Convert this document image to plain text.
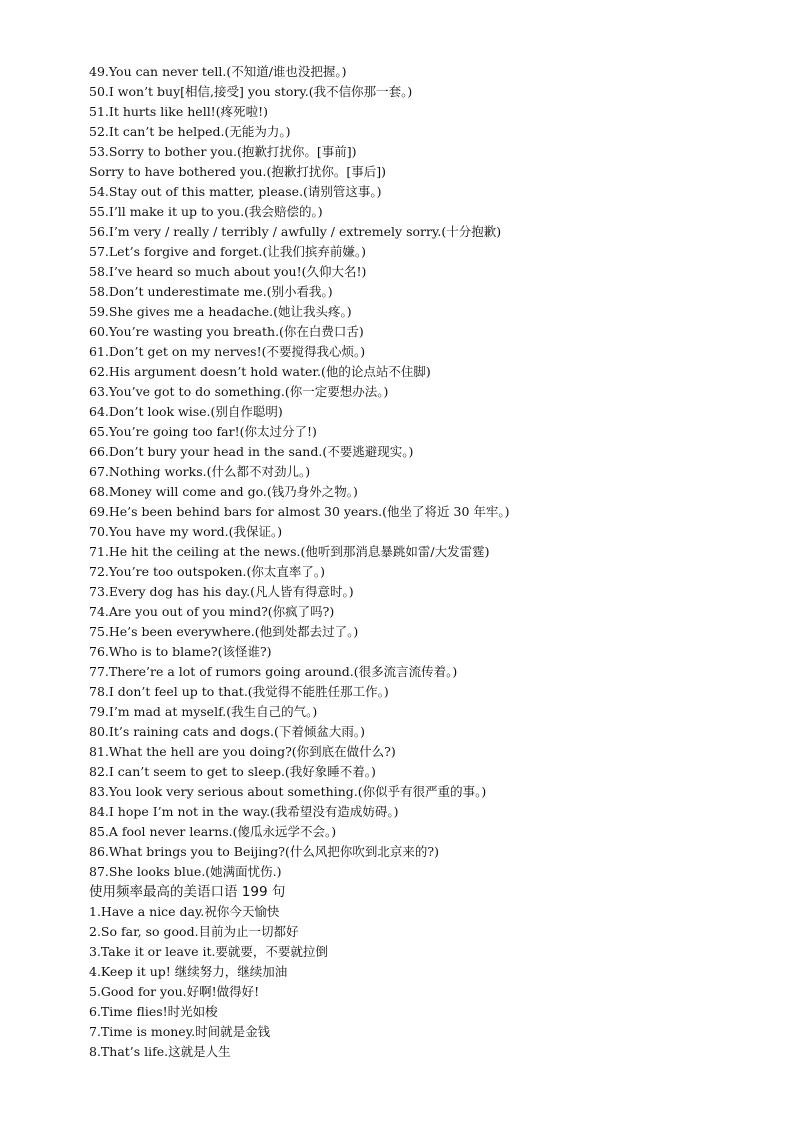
49.You can never tell.(不知道/谁也没把握。)
50.I won’t buy[相信,接受] you story.(我不信你那一套。)
51.It hurts like hell!(疼死啦!)
52.It can’t be helped.(无能为力。)
53.Sorry to bother you.(抱歉打扰你。[事前])
Sorry to have bothered you.(抱歉打扰你。[事后])
54.Stay out of this matter, please.(请别管这事。)
55.I’ll make it up to you.(我会赔偿的。)
56.I’m very / really / terribly / awfully / extremely sorry.(十分抱歉)
57.Let’s forgive and forget.(让我们摈弃前嫌。)
58.I’ve heard so much about you!(久仰大名!)
58.Don’t underestimate me.(别小看我。)
59.She gives me a headache.(她让我头疼。)
60.You’re wasting you breath.(你在白费口舌)
61.Don’t get on my nerves!(不要搅得我心烦。)
62.His argument doesn’t hold water.(他的论点站不住脚)
63.You’ve got to do something.(你一定要想办法。)
64.Don’t look wise.(别自作聪明)
65.You’re going too far!(你太过分了!)
66.Don’t bury your head in the sand.(不要逃避现实。)
67.Nothing works.(什么都不对劲儿。)
68.Money will come and go.(钱乃身外之物。)
69.He’s been behind bars for almost 30 years.(他坐了将近 30 年牢。)
70.You have my word.(我保证。)
71.He hit the ceiling at the news.(他听到那消息暴跳如雷/大发雷霆)
72.You’re too outspoken.(你太直率了。)
73.Every dog has his day.(凡人皆有得意时。)
74.Are you out of you mind?(你疯了吗?)
75.He’s been everywhere.(他到处都去过了。)
76.Who is to blame?(该怪谁?)
77.There’re a lot of rumors going around.(很多流言流传着。)
78.I don’t feel up to that.(我觉得不能胜任那工作。)
79.I’m mad at myself.(我生自己的气。)
80.It’s raining cats and dogs.(下着倾盆大雨。)
81.What the hell are you doing?(你到底在做什么?)
82.I can’t seem to get to sleep.(我好象睡不着。)
83.You look very serious about something.(你似乎有很严重的事。)
84.I hope I’m not in the way.(我希望没有造成妨碍。)
85.A fool never learns.(傻瓜永远学不会。)
86.What brings you to Beijing?(什么风把你吹到北京来的?)
87.She looks blue.(她满面忧伤.)
使用频率最高的美语口语 199 句
1.Have a nice day.祝你今天愉快
2.So far, so good.目前为止一切都好
3.Take it or leave it.要就要，不要就拉倒
4.Keep it up! 继续努力，继续加油
5.Good for you.好啊!做得好!
6.Time flies!时光如梭
7.Time is money.时间就是金钱
8.That’s life.这就是人生
